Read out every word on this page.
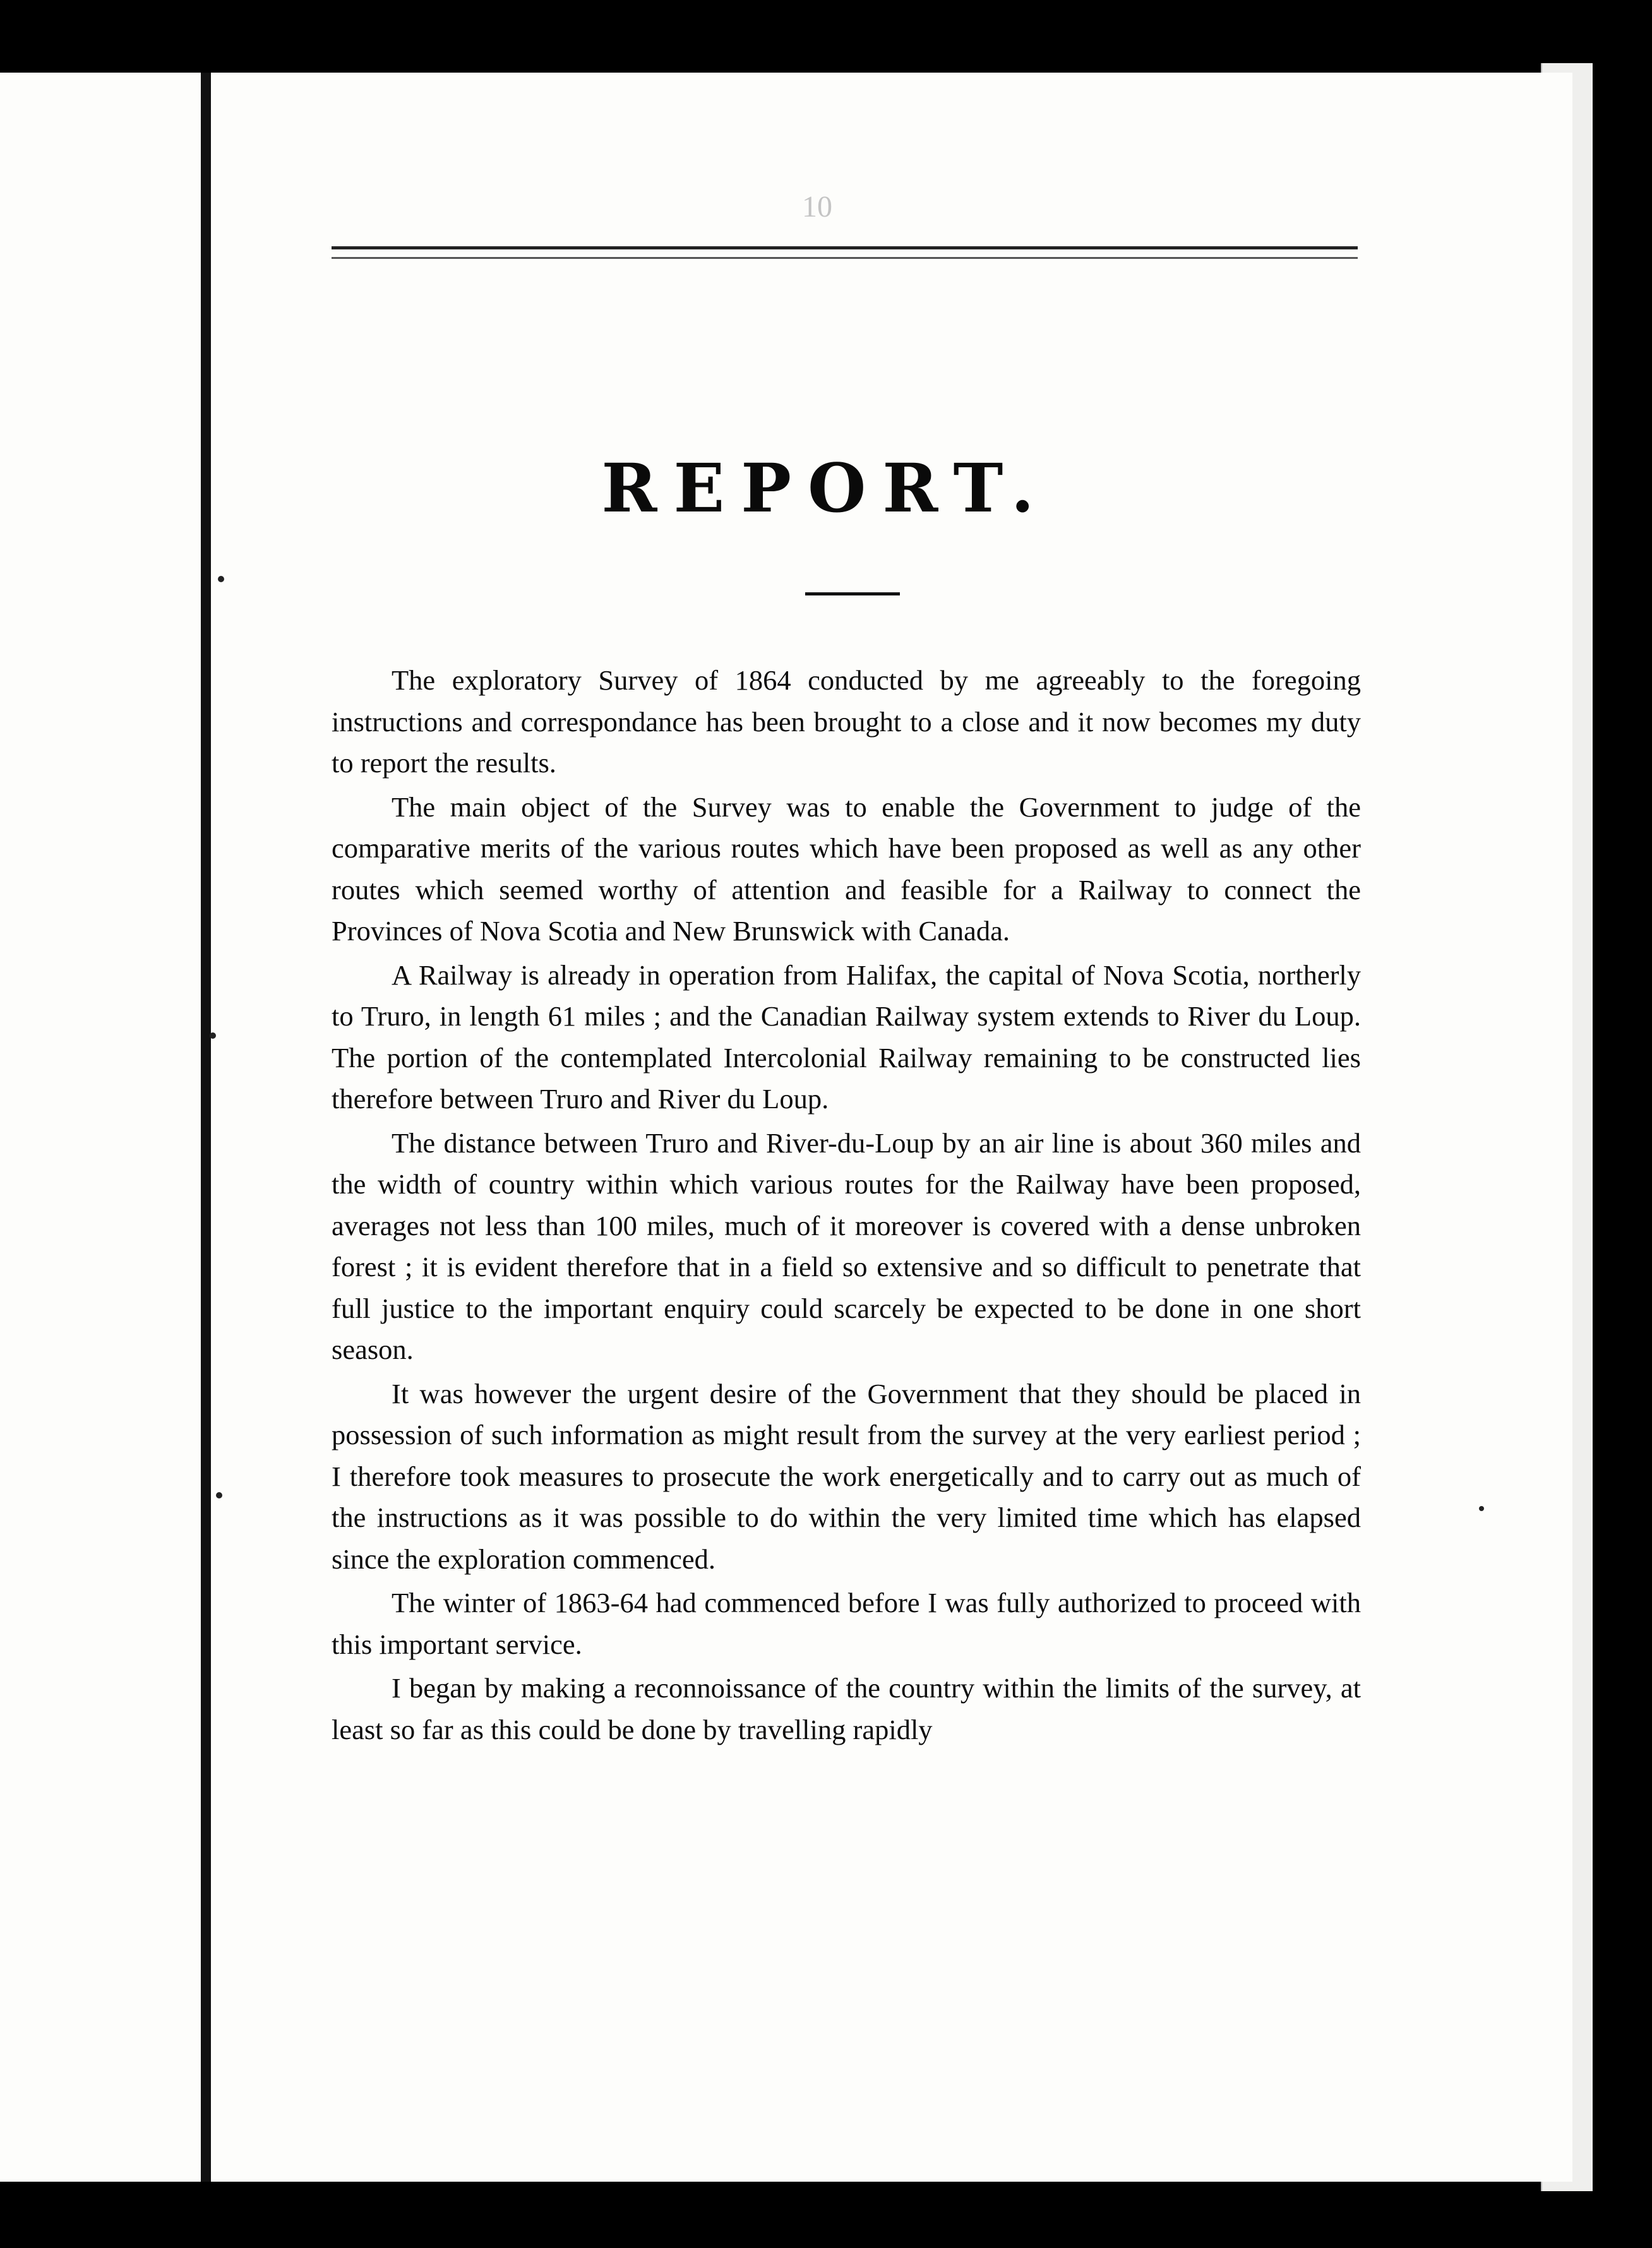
10
REPORT.

The exploratory Survey of 1864 conducted by me agreeably to the foregoing instructions and correspondance has been brought to a close and it now becomes my duty to report the results.

The main object of the Survey was to enable the Government to judge of the comparative merits of the various routes which have been proposed as well as any other routes which seemed worthy of attention and feasible for a Railway to connect the Provinces of Nova Scotia and New Brunswick with Canada.

A Railway is already in operation from Halifax, the capital of Nova Scotia, northerly to Truro, in length 61 miles ; and the Canadian Railway system extends to River du Loup. The portion of the contemplated Intercolonial Railway remaining to be constructed lies therefore between Truro and River du Loup.

The distance between Truro and River-du-Loup by an air line is about 360 miles and the width of country within which various routes for the Railway have been proposed, averages not less than 100 miles, much of it moreover is covered with a dense unbroken forest ; it is evident therefore that in a field so extensive and so difficult to penetrate that full justice to the important enquiry could scarcely be expected to be done in one short season.

It was however the urgent desire of the Government that they should be placed in possession of such information as might result from the survey at the very earliest period ; I therefore took measures to prosecute the work energetically and to carry out as much of the instructions as it was possible to do within the very limited time which has elapsed since the exploration commenced.

The winter of 1863-64 had commenced before I was fully authorized to proceed with this important service.

I began by making a reconnoissance of the country within the limits of the survey, at least so far as this could be done by travelling rapidly
